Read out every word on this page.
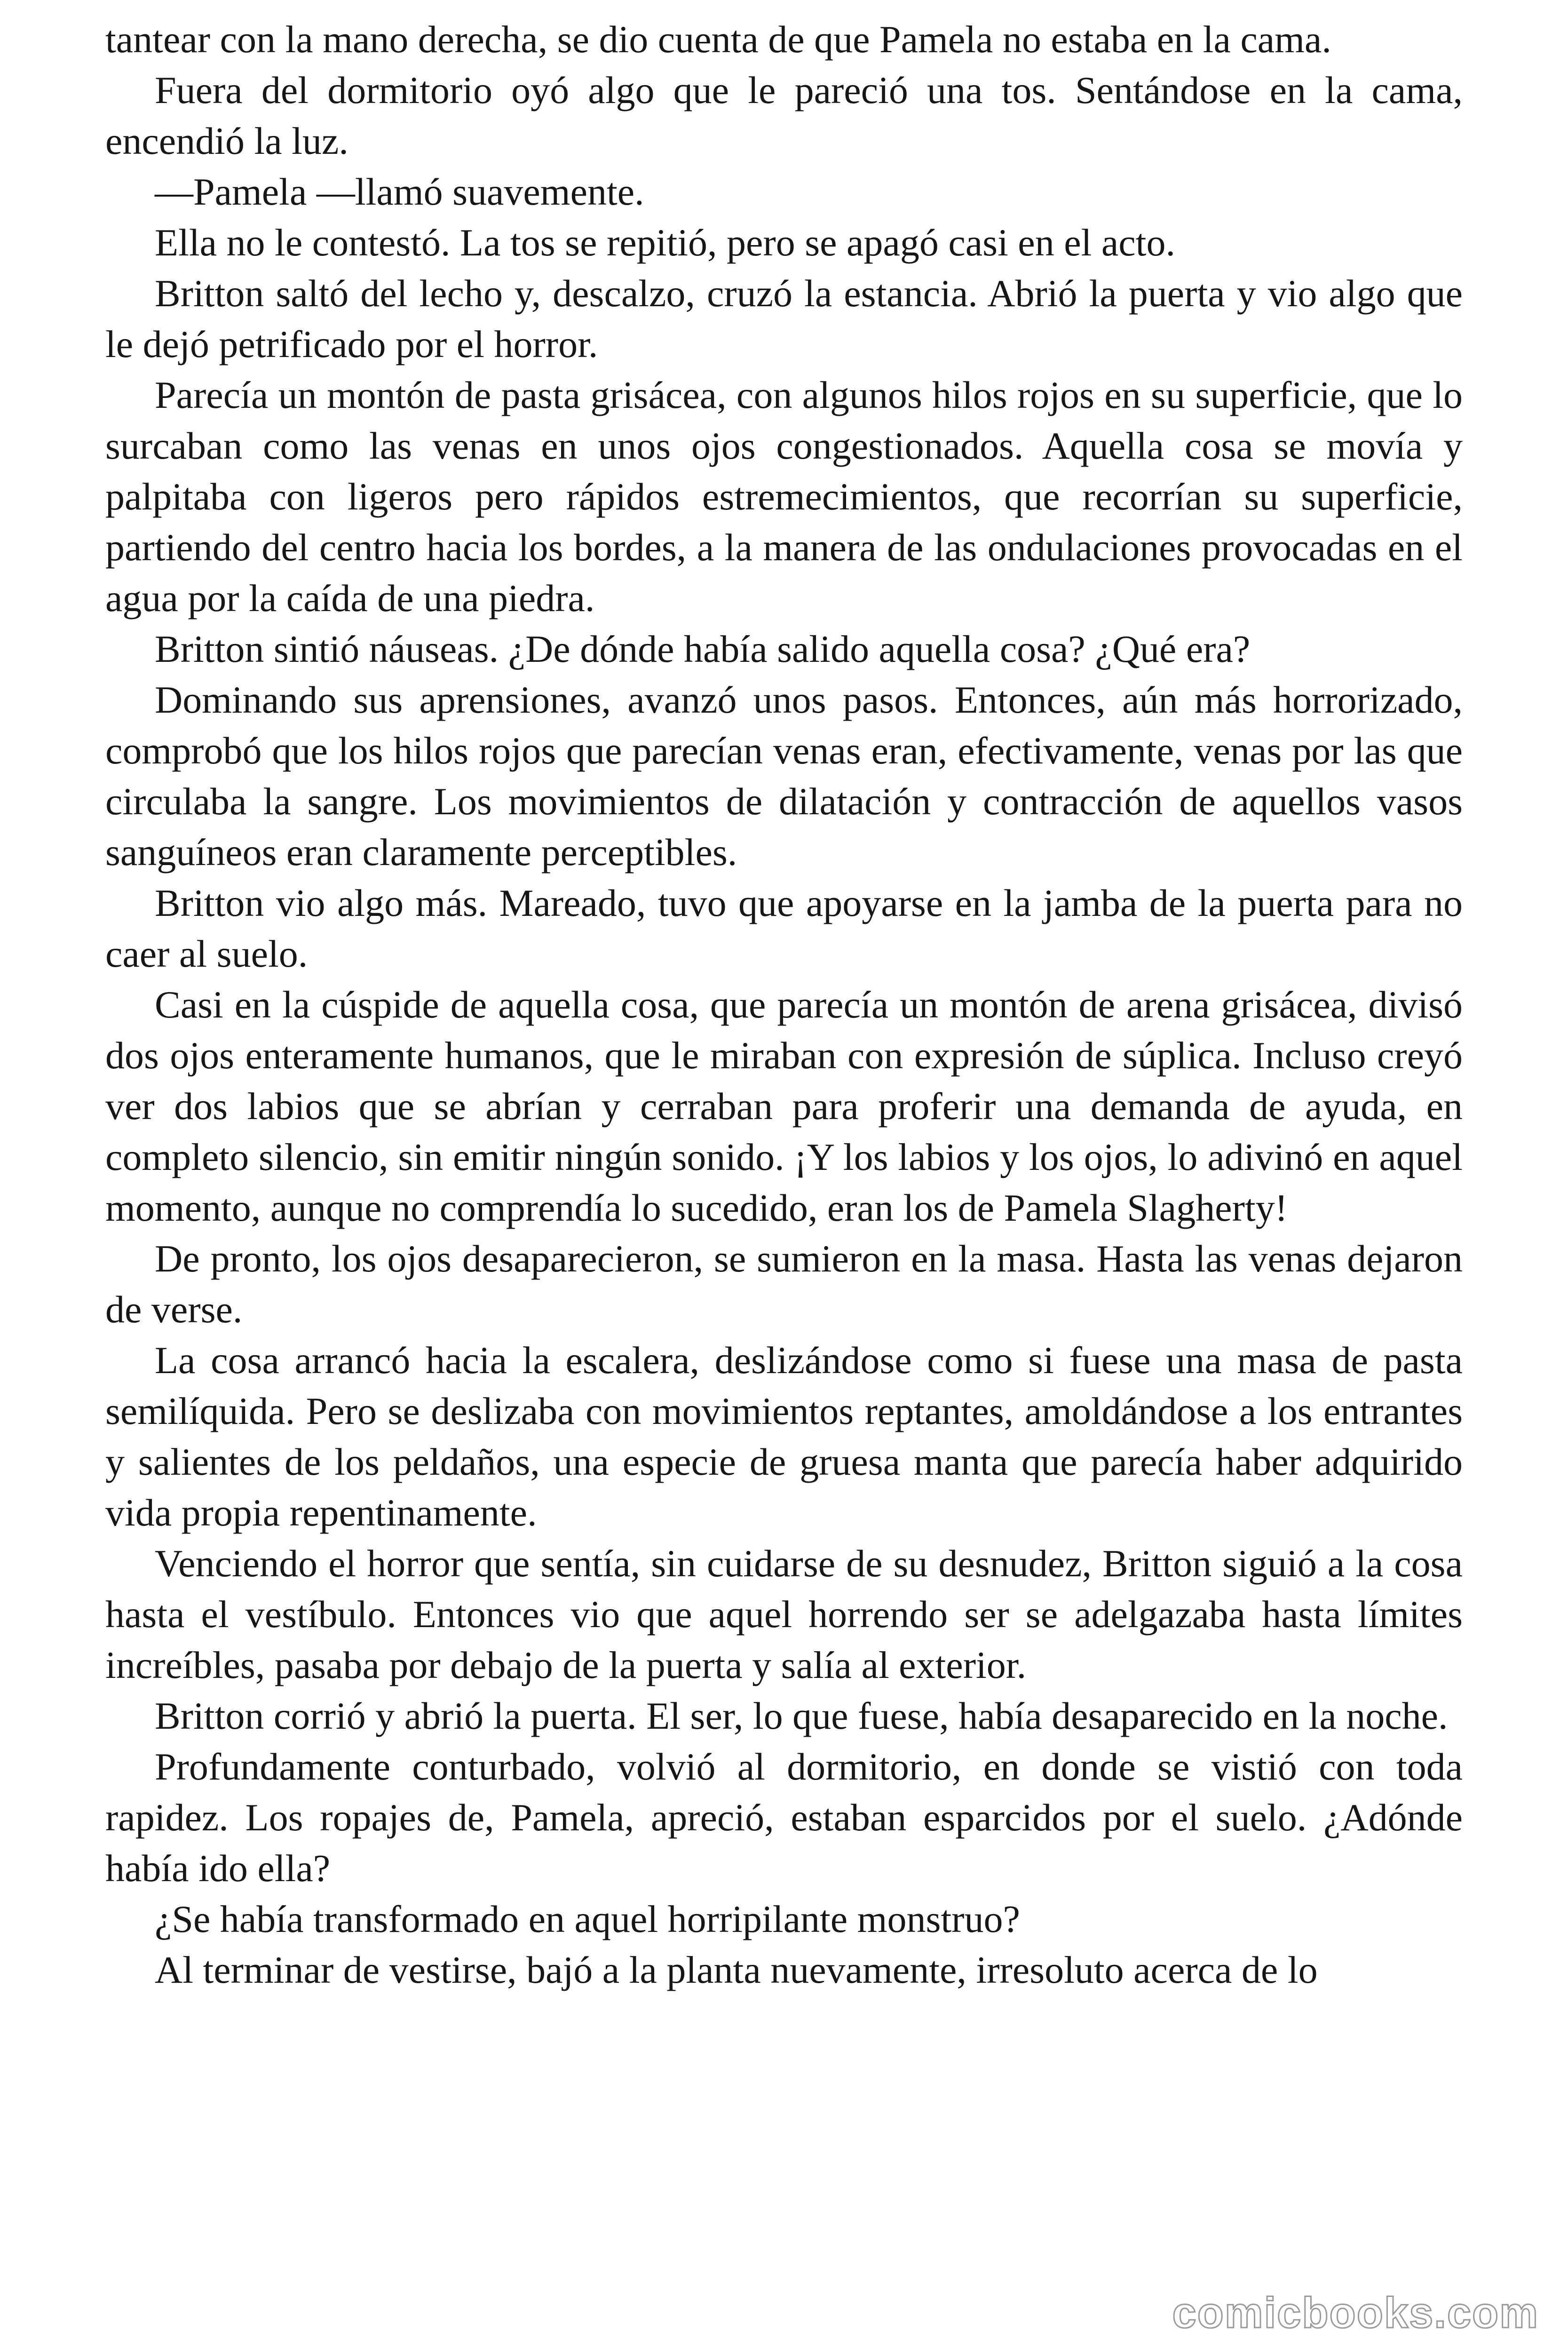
tantear con la mano derecha, se dio cuenta de que Pamela no estaba en la cama.

Fuera del dormitorio oyó algo que le pareció una tos. Sentándose en la cama, encendió la luz.

—Pamela —llamó suavemente.

Ella no le contestó. La tos se repitió, pero se apagó casi en el acto.

Britton saltó del lecho y, descalzo, cruzó la estancia. Abrió la puerta y vio algo que le dejó petrificado por el horror.

Parecía un montón de pasta grisácea, con algunos hilos rojos en su superficie, que lo surcaban como las venas en unos ojos congestionados. Aquella cosa se movía y palpitaba con ligeros pero rápidos estremecimientos, que recorrían su superficie, partiendo del centro hacia los bordes, a la manera de las ondulaciones provocadas en el agua por la caída de una piedra.

Britton sintió náuseas. ¿De dónde había salido aquella cosa? ¿Qué era?

Dominando sus aprensiones, avanzó unos pasos. Entonces, aún más horrorizado, comprobó que los hilos rojos que parecían venas eran, efectivamente, venas por las que circulaba la sangre. Los movimientos de dilatación y contracción de aquellos vasos sanguíneos eran claramente perceptibles.

Britton vio algo más. Mareado, tuvo que apoyarse en la jamba de la puerta para no caer al suelo.

Casi en la cúspide de aquella cosa, que parecía un montón de arena grisácea, divisó dos ojos enteramente humanos, que le miraban con expresión de súplica. Incluso creyó ver dos labios que se abrían y cerraban para proferir una demanda de ayuda, en completo silencio, sin emitir ningún sonido. ¡Y los labios y los ojos, lo adivinó en aquel momento, aunque no comprendía lo sucedido, eran los de Pamela Slagherty!

De pronto, los ojos desaparecieron, se sumieron en la masa. Hasta las venas dejaron de verse.

La cosa arrancó hacia la escalera, deslizándose como si fuese una masa de pasta semilíquida. Pero se deslizaba con movimientos reptantes, amoldándose a los entrantes y salientes de los peldaños, una especie de gruesa manta que parecía haber adquirido vida propia repentinamente.

Venciendo el horror que sentía, sin cuidarse de su desnudez, Britton siguió a la cosa hasta el vestíbulo. Entonces vio que aquel horrendo ser se adelgazaba hasta límites increíbles, pasaba por debajo de la puerta y salía al exterior.

Britton corrió y abrió la puerta. El ser, lo que fuese, había desaparecido en la noche.

Profundamente conturbado, volvió al dormitorio, en donde se vistió con toda rapidez. Los ropajes de, Pamela, apreció, estaban esparcidos por el suelo. ¿Adónde había ido ella?

¿Se había transformado en aquel horripilante monstruo?

Al terminar de vestirse, bajó a la planta nuevamente, irresoluto acerca de lo

comicbooks.com
